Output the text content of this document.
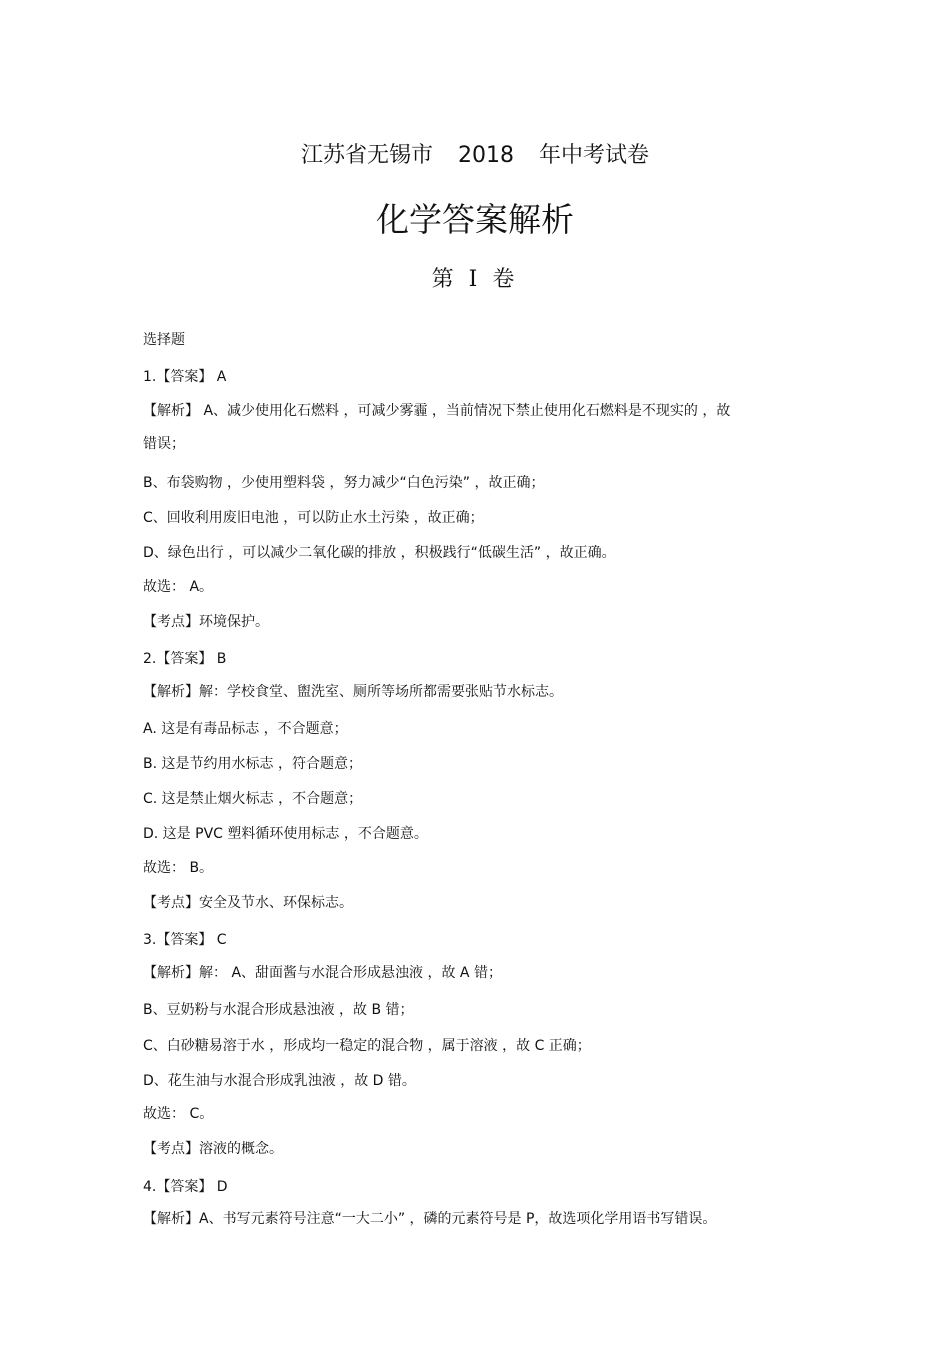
江苏省无锡市 2018 年中考试卷
化学答案解析
第 I 卷
选择题
1.【答案】 A
【解析】 A、减少使用化石燃料 ，可减少雾霾 ，当前情况下禁止使用化石燃料是不现实的 ，故
错误；
B、布袋购物 ，少使用塑料袋 ，努力减少“白色污染” ，故正确；
C、回收利用废旧电池 ，可以防止水土污染 ，故正确；
D、绿色出行 ，可以减少二氧化碳的排放 ，积极践行“低碳生活” ，故正确。
故选： A。
【考点】环境保护。
2.【答案】 B
【解析】解：学校食堂、盥洗室、厕所等场所都需要张贴节水标志。
A. 这是有毒品标志 ，不合题意；
B. 这是节约用水标志 ，符合题意；
C. 这是禁止烟火标志 ，不合题意；
D. 这是 PVC 塑料循环使用标志 ，不合题意。
故选： B。
【考点】安全及节水、环保标志。
3.【答案】 C
【解析】解： A、甜面酱与水混合形成悬浊液 ，故 A 错；
B、豆奶粉与水混合形成悬浊液 ，故 B 错；
C、白砂糖易溶于水 ，形成均一稳定的混合物 ，属于溶液 ，故 C 正确；
D、花生油与水混合形成乳浊液 ，故 D 错。
故选： C。
【考点】溶液的概念。
4.【答案】 D
【解析】A、书写元素符号注意“一大二小” ，磷的元素符号是 P，故选项化学用语书写错误。
